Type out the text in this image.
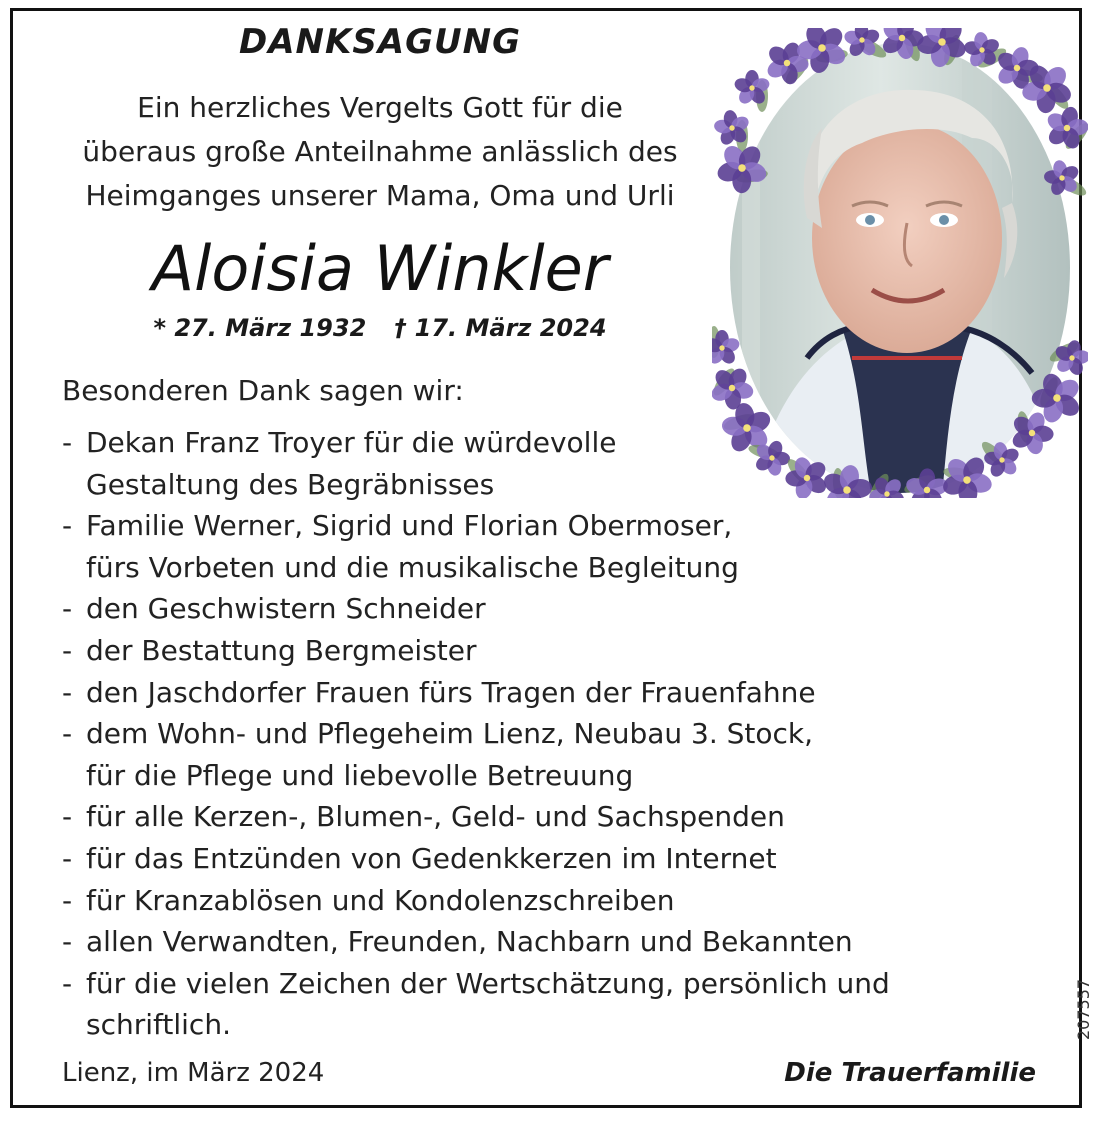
DANKSAGUNG
Ein herzliches Vergelts Gott für die
überaus große Anteilnahme anlässlich des
Heimganges unserer Mama, Oma und Urli
Aloisia Winkler
* 27. März 1932 † 17. März 2024
Besonderen Dank sagen wir:
- Dekan Franz Troyer für die würdevolle
Gestaltung des Begräbnisses
- Familie Werner, Sigrid und Florian Obermoser,
fürs Vorbeten und die musikalische Begleitung
- den Geschwistern Schneider
- der Bestattung Bergmeister
- den Jaschdorfer Frauen fürs Tragen der Frauenfahne
- dem Wohn- und Pflegeheim Lienz, Neubau 3. Stock,
für die Pflege und liebevolle Betreuung
- für alle Kerzen-, Blumen-, Geld- und Sachspenden
- für das Entzünden von Gedenkkerzen im Internet
- für Kranzablösen und Kondolenzschreiben
- allen Verwandten, Freunden, Nachbarn und Bekannten
- für die vielen Zeichen der Wertschätzung, persönlich und
schriftlich.
Lienz, im März 2024	Die Trauerfamilie
207557
